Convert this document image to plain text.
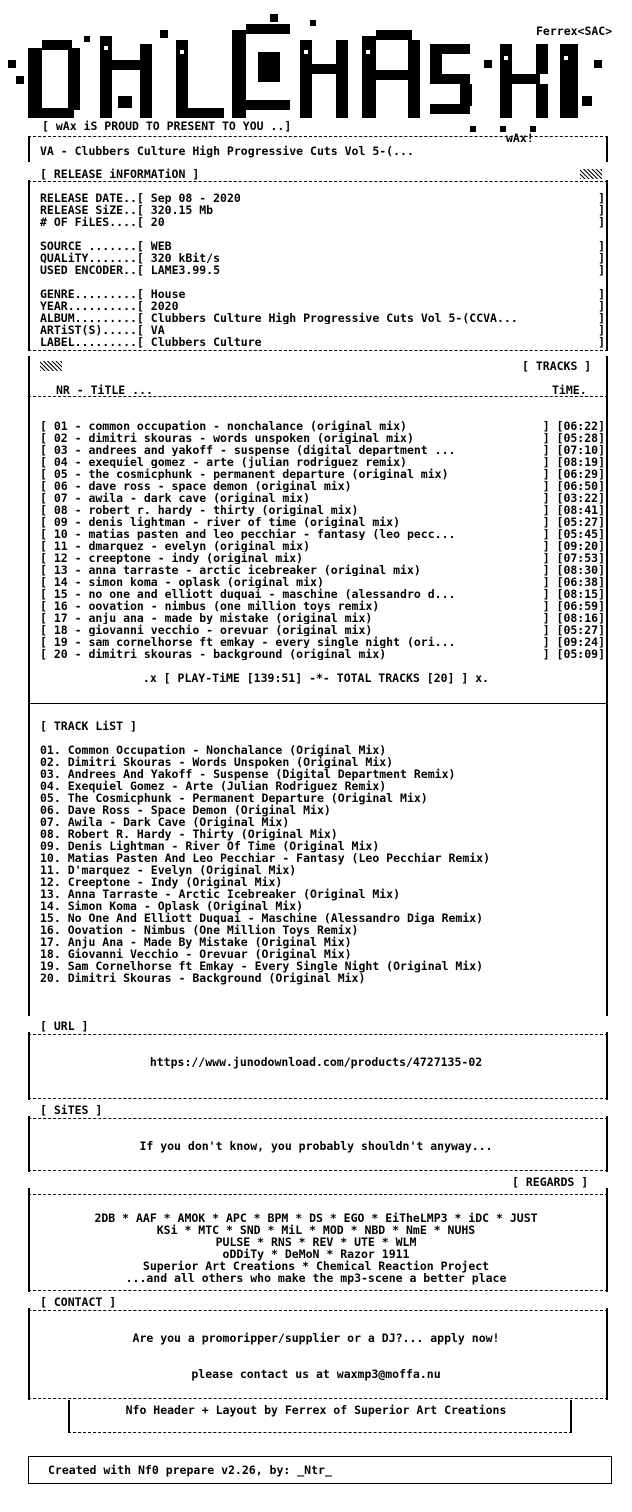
Ferrex<SAC>
[ wAx iS PROUD TO PRESENT TO YOU ..]
wAx!
VA - Clubbers Culture High Progressive Cuts Vol 5-(...
[ RELEASE iNFORMATiON ]
RELEASE DATE..[ Sep 08 - 2020	]
RELEASE SiZE..[ 320.15 Mb	]
# OF FiLES....[ 20	]
SOURCE .......[ WEB	]
QUALiTY.......[ 320 kBit/s	]
USED ENCODER..[ LAME3.99.5	]
GENRE.........[ House	]
YEAR..........[ 2020	]
ALBUM.........[ Clubbers Culture High Progressive Cuts Vol 5-(CCVA...	]
ARTiST(S).....[ VA	]
LABEL.........[ Clubbers Culture	]
[ TRACKS ]
NR - TiTLE ...	TiME.
[ 01 - common occupation - nonchalance (original mix)	] [06:22]
[ 02 - dimitri skouras - words unspoken (original mix)	] [05:28]
[ 03 - andrees and yakoff - suspense (digital department ...	] [07:10]
[ 04 - exequiel gomez - arte (julian rodriguez remix)	] [08:19]
[ 05 - the cosmicphunk - permanent departure (original mix)	] [06:29]
[ 06 - dave ross - space demon (original mix)	] [06:50]
[ 07 - awila - dark cave (original mix)	] [03:22]
[ 08 - robert r. hardy - thirty (original mix)	] [08:41]
[ 09 - denis lightman - river of time (original mix)	] [05:27]
[ 10 - matias pasten and leo pecchiar - fantasy (leo pecc...	] [05:45]
[ 11 - dmarquez - evelyn (original mix)	] [09:20]
[ 12 - creeptone - indy (original mix)	] [07:53]
[ 13 - anna tarraste - arctic icebreaker (original mix)	] [08:30]
[ 14 - simon koma - oplask (original mix)	] [06:38]
[ 15 - no one and elliott duquai - maschine (alessandro d...	] [08:15]
[ 16 - oovation - nimbus (one million toys remix)	] [06:59]
[ 17 - anju ana - made by mistake (original mix)	] [08:16]
[ 18 - giovanni vecchio - orevuar (original mix)	] [05:27]
[ 19 - sam cornelhorse ft emkay - every single night (ori...	] [09:24]
[ 20 - dimitri skouras - background (original mix)	] [05:09]
.x [ PLAY-TiME [139:51] -*- TOTAL TRACKS [20] ] x.
[ TRACK LiST ]
01. Common Occupation - Nonchalance (Original Mix)
02. Dimitri Skouras - Words Unspoken (Original Mix)
03. Andrees And Yakoff - Suspense (Digital Department Remix)
04. Exequiel Gomez - Arte (Julian Rodriguez Remix)
05. The Cosmicphunk - Permanent Departure (Original Mix)
06. Dave Ross - Space Demon (Original Mix)
07. Awila - Dark Cave (Original Mix)
08. Robert R. Hardy - Thirty (Original Mix)
09. Denis Lightman - River Of Time (Original Mix)
10. Matias Pasten And Leo Pecchiar - Fantasy (Leo Pecchiar Remix)
11. D'marquez - Evelyn (Original Mix)
12. Creeptone - Indy (Original Mix)
13. Anna Tarraste - Arctic Icebreaker (Original Mix)
14. Simon Koma - Oplask (Original Mix)
15. No One And Elliott Duquai - Maschine (Alessandro Diga Remix)
16. Oovation - Nimbus (One Million Toys Remix)
17. Anju Ana - Made By Mistake (Original Mix)
18. Giovanni Vecchio - Orevuar (Original Mix)
19. Sam Cornelhorse ft Emkay - Every Single Night (Original Mix)
20. Dimitri Skouras - Background (Original Mix)
[ URL ]
https://www.junodownload.com/products/4727135-02
[ SiTES ]
If you don't know, you probably shouldn't anyway...
[ REGARDS ]
2DB * AAF * AMOK * APC * BPM * DS * EGO * EiTheLMP3 * iDC * JUST
KSi * MTC * SND * MiL * MOD * NBD * NmE * NUHS
PULSE * RNS * REV * UTE * WLM
oDDiTy * DeMoN * Razor 1911
Superior Art Creations * Chemical Reaction Project
...and all others who make the mp3-scene a better place
[ CONTACT ]
Are you a promoripper/supplier or a DJ?... apply now!
please contact us at waxmp3@moffa.nu
Nfo Header + Layout by Ferrex of Superior Art Creations
Created with Nf0 prepare v2.26, by: _Ntr_
